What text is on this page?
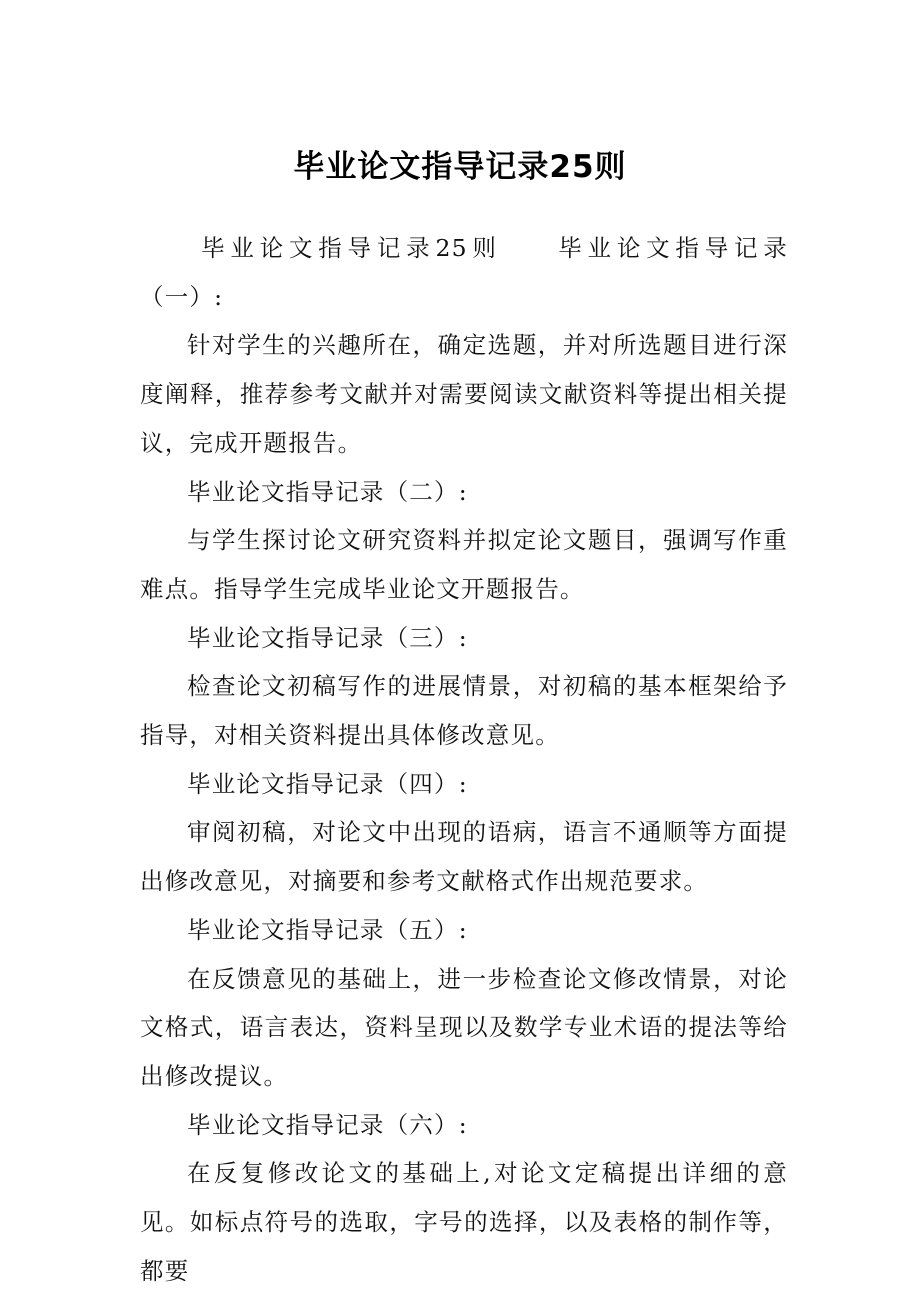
毕业论文指导记录25则

毕业论文指导记录25则 毕业论文指导记录（一）:

针对学生的兴趣所在，确定选题，并对所选题目进行深度阐释，推荐参考文献并对需要阅读文献资料等提出相关提议，完成开题报告。

毕业论文指导记录（二）:

与学生探讨论文研究资料并拟定论文题目，强调写作重难点。指导学生完成毕业论文开题报告。

毕业论文指导记录（三）:

检查论文初稿写作的进展情景，对初稿的基本框架给予指导，对相关资料提出具体修改意见。

毕业论文指导记录（四）:

审阅初稿，对论文中出现的语病，语言不通顺等方面提出修改意见，对摘要和参考文献格式作出规范要求。

毕业论文指导记录（五）:

在反馈意见的基础上，进一步检查论文修改情景，对论文格式，语言表达，资料呈现以及数学专业术语的提法等给出修改提议。

毕业论文指导记录（六）:

在反复修改论文的基础上,对论文定稿提出详细的意见。如标点符号的选取，字号的选择，以及表格的制作等，都要
